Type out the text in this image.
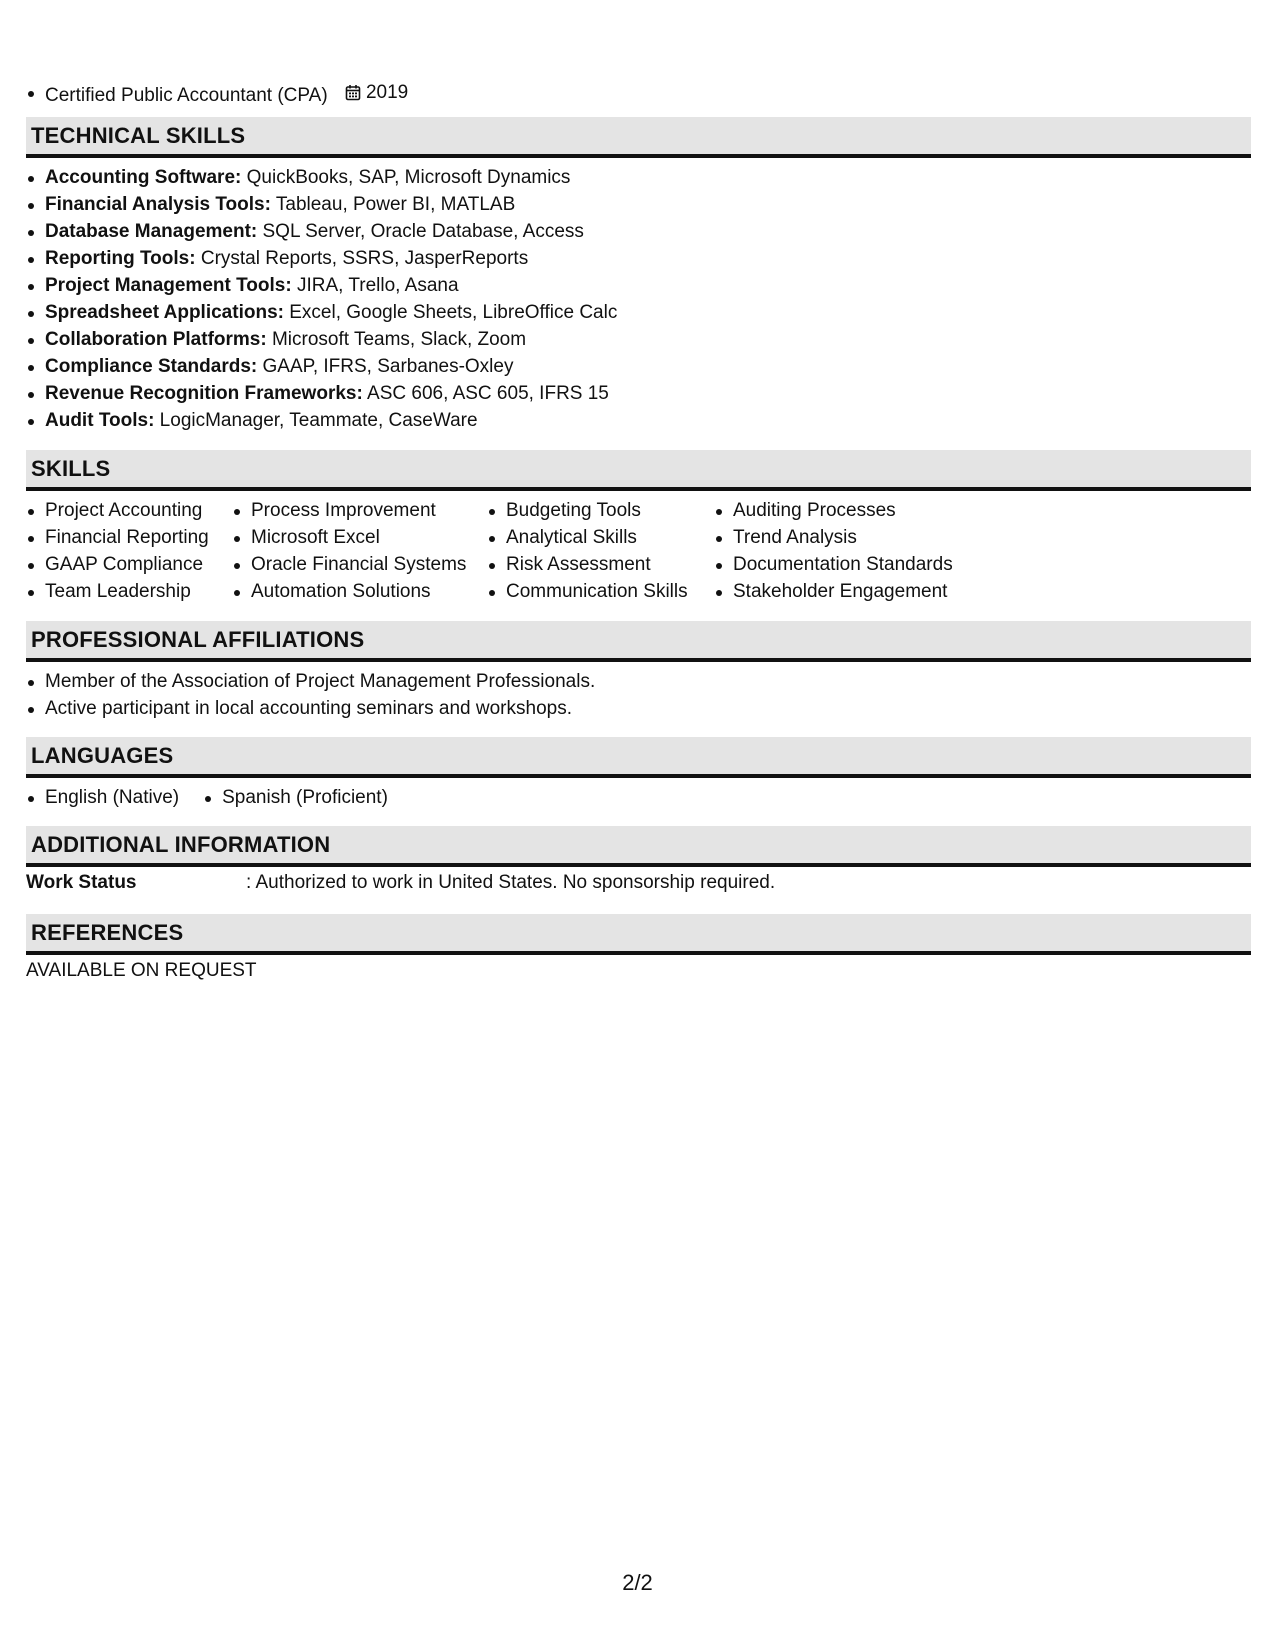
Certified Public Accountant (CPA) 2019
TECHNICAL SKILLS
Accounting Software: QuickBooks, SAP, Microsoft Dynamics
Financial Analysis Tools: Tableau, Power BI, MATLAB
Database Management: SQL Server, Oracle Database, Access
Reporting Tools: Crystal Reports, SSRS, JasperReports
Project Management Tools: JIRA, Trello, Asana
Spreadsheet Applications: Excel, Google Sheets, LibreOffice Calc
Collaboration Platforms: Microsoft Teams, Slack, Zoom
Compliance Standards: GAAP, IFRS, Sarbanes-Oxley
Revenue Recognition Frameworks: ASC 606, ASC 605, IFRS 15
Audit Tools: LogicManager, Teammate, CaseWare
SKILLS
Project Accounting
Financial Reporting
GAAP Compliance
Team Leadership
Process Improvement
Microsoft Excel
Oracle Financial Systems
Automation Solutions
Budgeting Tools
Analytical Skills
Risk Assessment
Communication Skills
Auditing Processes
Trend Analysis
Documentation Standards
Stakeholder Engagement
PROFESSIONAL AFFILIATIONS
Member of the Association of Project Management Professionals.
Active participant in local accounting seminars and workshops.
LANGUAGES
English (Native)	Spanish (Proficient)
ADDITIONAL INFORMATION
Work Status	: Authorized to work in United States. No sponsorship required.
REFERENCES
AVAILABLE ON REQUEST
2/2
